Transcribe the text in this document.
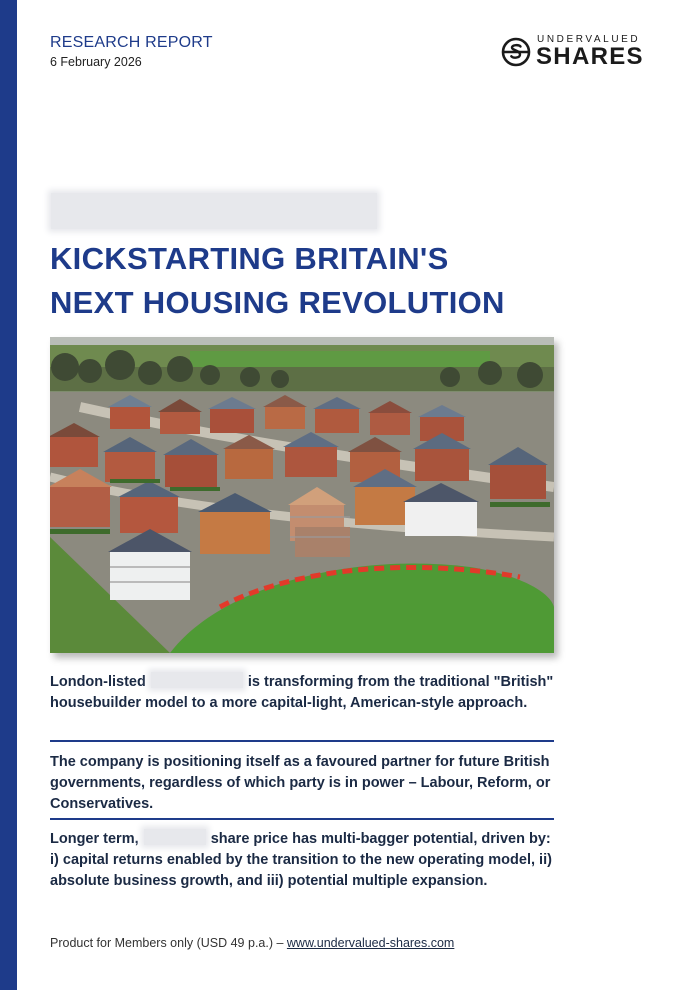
RESEARCH REPORT
6 February 2026
UNDERVALUED
SHARES
KICKSTARTING BRITAIN'S
NEXT HOUSING REVOLUTION

London-listed	is transforming from the traditional "British" housebuilder model to a more capital-light, American-style approach.

The company is positioning itself as a favoured partner for future British governments, regardless of which party is in power – Labour, Reform, or Conservatives.

Longer term,	share price has multi-bagger potential, driven by: i) capital returns enabled by the transition to the new operating model, ii) absolute business growth, and iii) potential multiple expansion.

Product for Members only (USD 49 p.a.) – www.undervalued-shares.com
